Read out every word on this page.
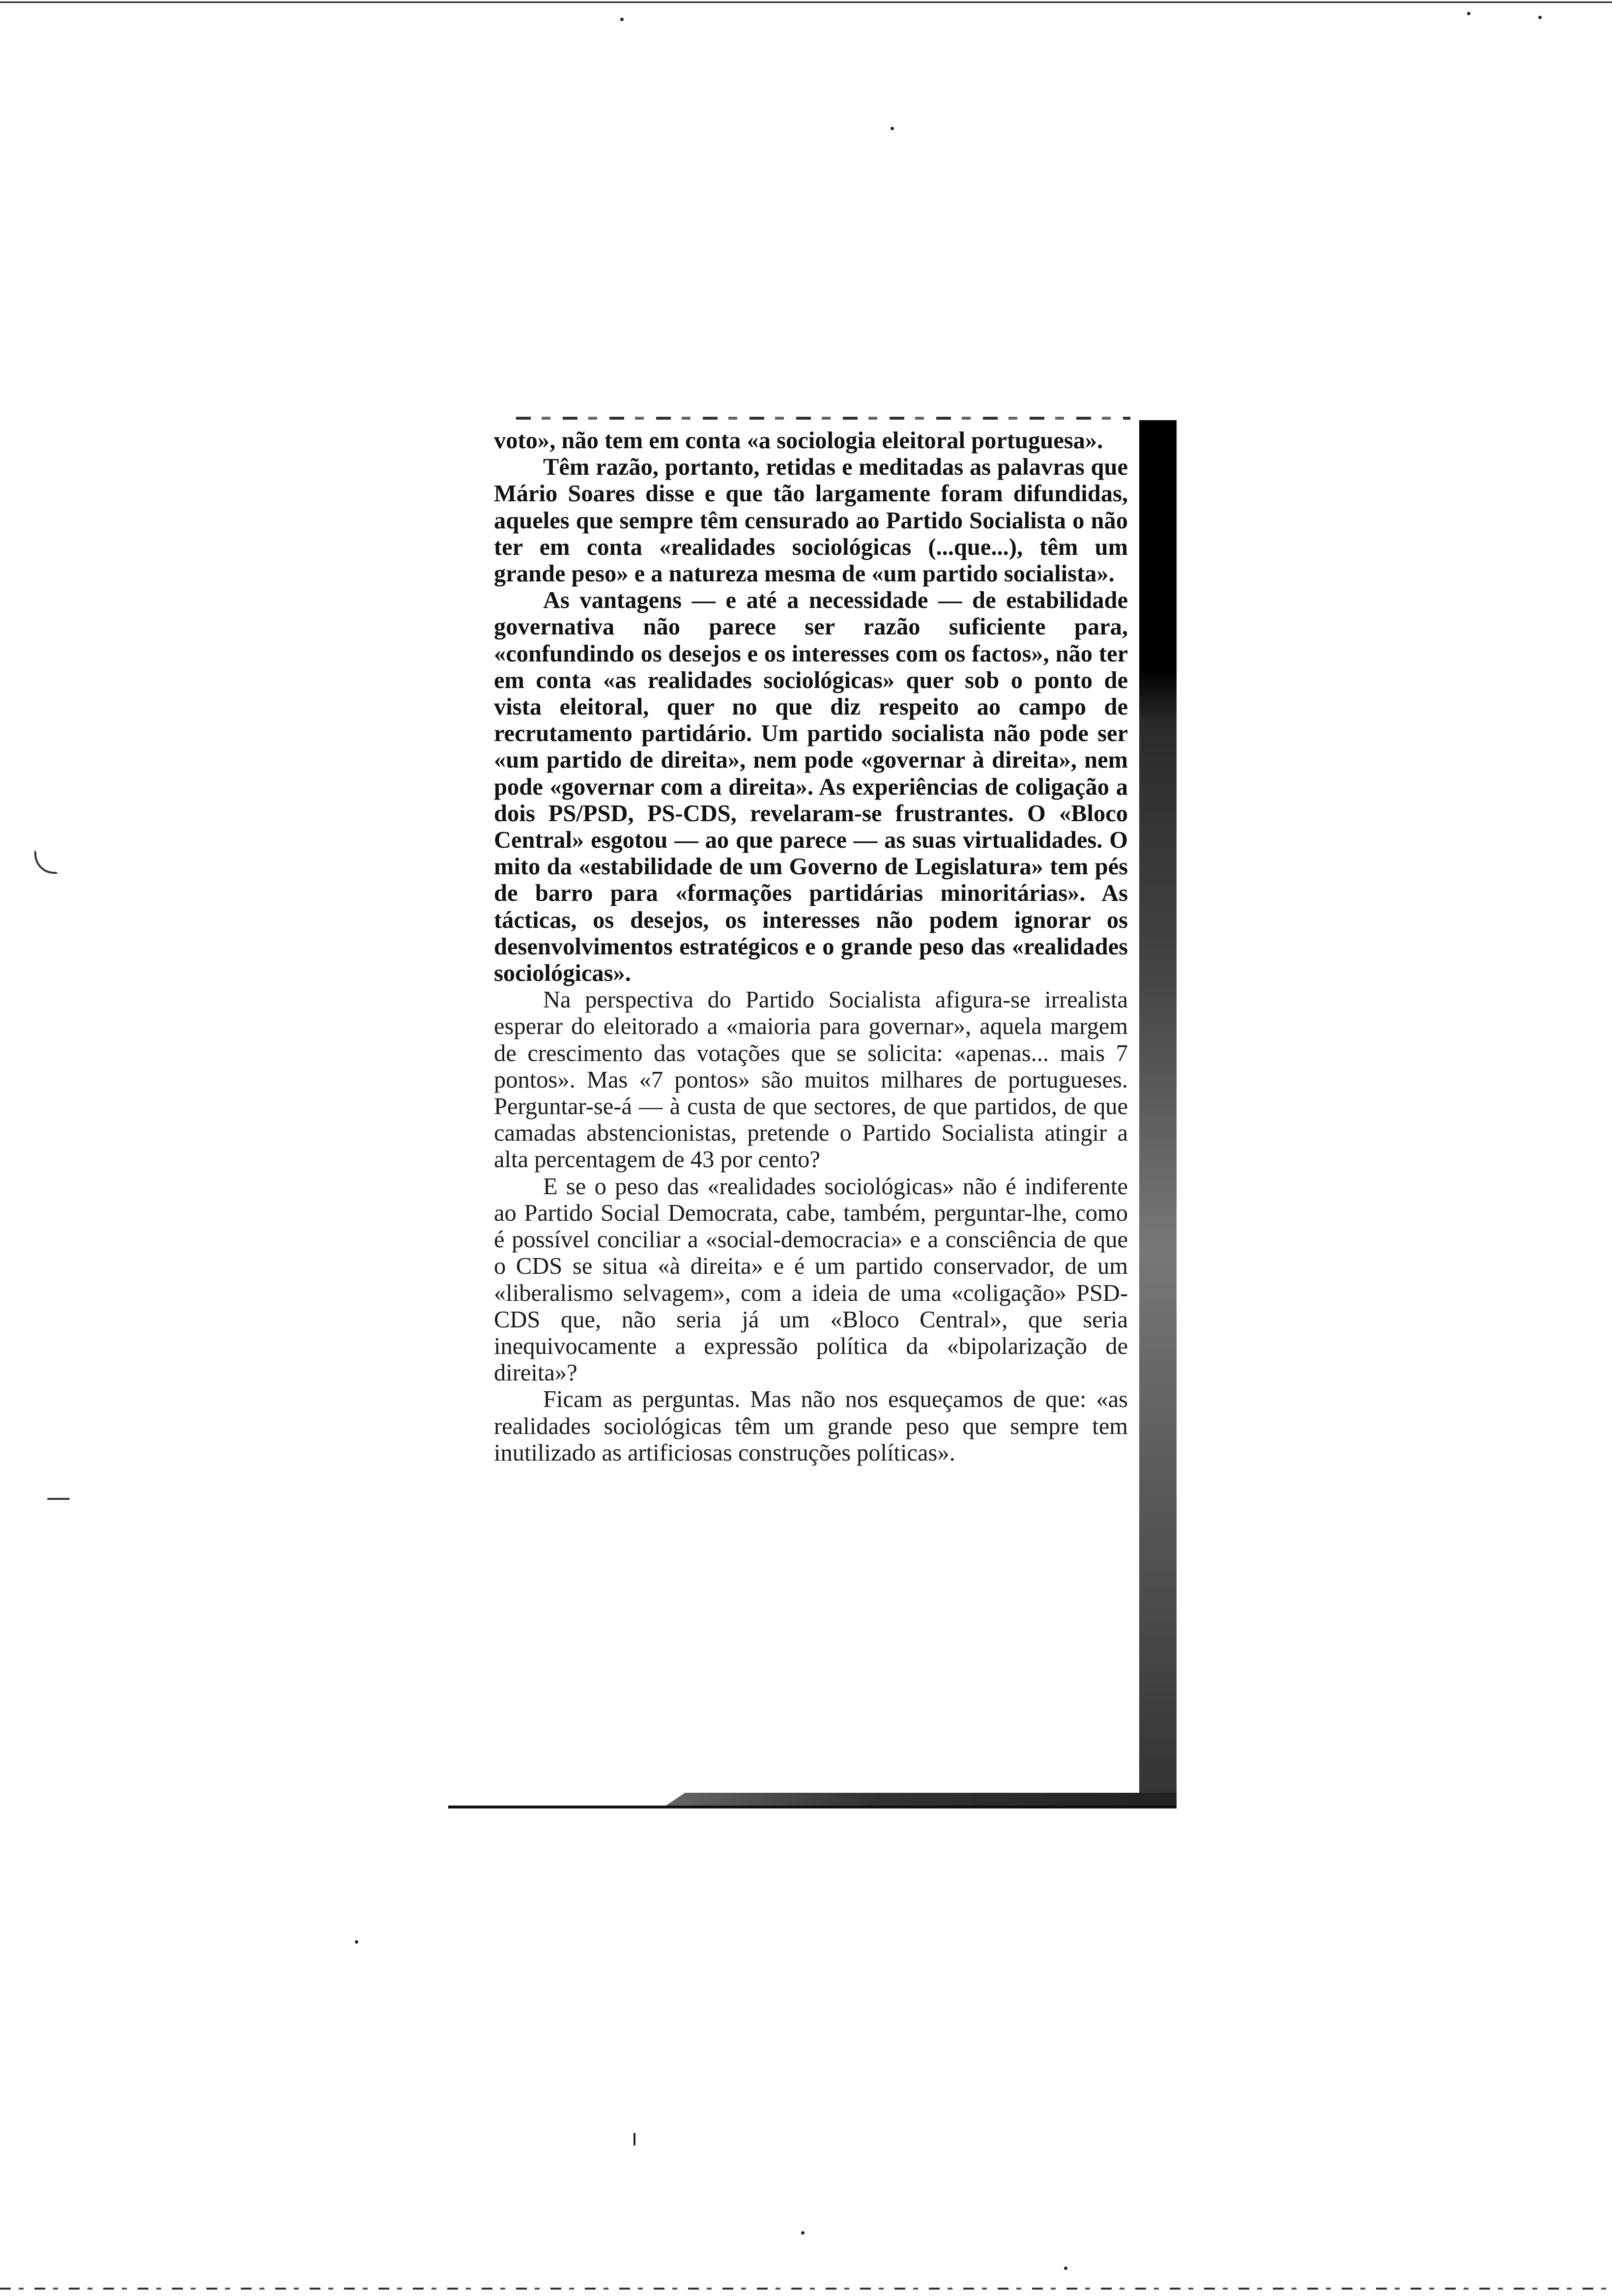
voto», não tem em conta «a sociologia eleitoral portuguesa».

Têm razão, portanto, retidas e meditadas as palavras que Mário Soares disse e que tão largamente foram difundidas, aqueles que sempre têm censurado ao Partido Socialista o não ter em conta «realidades sociológicas (...que...), têm um grande peso» e a natureza mesma de «um partido socialista».

As vantagens — e até a necessidade — de estabilidade governativa não parece ser razão suficiente para, «confundindo os desejos e os interesses com os factos», não ter em conta «as realidades sociológicas» quer sob o ponto de vista eleitoral, quer no que diz respeito ao campo de recrutamento partidário. Um partido socialista não pode ser «um partido de direita», nem pode «governar à direita», nem pode «governar com a direita». As experiências de coligação a dois PS/PSD, PS-CDS, revelaram-se frustrantes. O «Bloco Central» esgotou — ao que parece — as suas virtualidades. O mito da «estabilidade de um Governo de Legislatura» tem pés de barro para «formações partidárias minoritárias». As tácticas, os desejos, os interesses não podem ignorar os desenvolvimentos estratégicos e o grande peso das «realidades sociológicas».

Na perspectiva do Partido Socialista afigura-se irrealista esperar do eleitorado a «maioria para governar», aquela margem de crescimento das votações que se solicita: «apenas... mais 7 pontos». Mas «7 pontos» são muitos milhares de portugueses. Perguntar-se-á — à custa de que sectores, de que partidos, de que camadas abstencionistas, pretende o Partido Socialista atingir a alta percentagem de 43 por cento?

E se o peso das «realidades sociológicas» não é indiferente ao Partido Social Democrata, cabe, também, perguntar-lhe, como é possível conciliar a «social-democracia» e a consciência de que o CDS se situa «à direita» e é um partido conservador, de um «liberalismo selvagem», com a ideia de uma «coligação» PSD-CDS que, não seria já um «Bloco Central», que seria inequivocamente a expressão política da «bipolarização de direita»?

Ficam as perguntas. Mas não nos esqueçamos de que: «as realidades sociológicas têm um grande peso que sempre tem inutilizado as artificiosas construções políticas».
